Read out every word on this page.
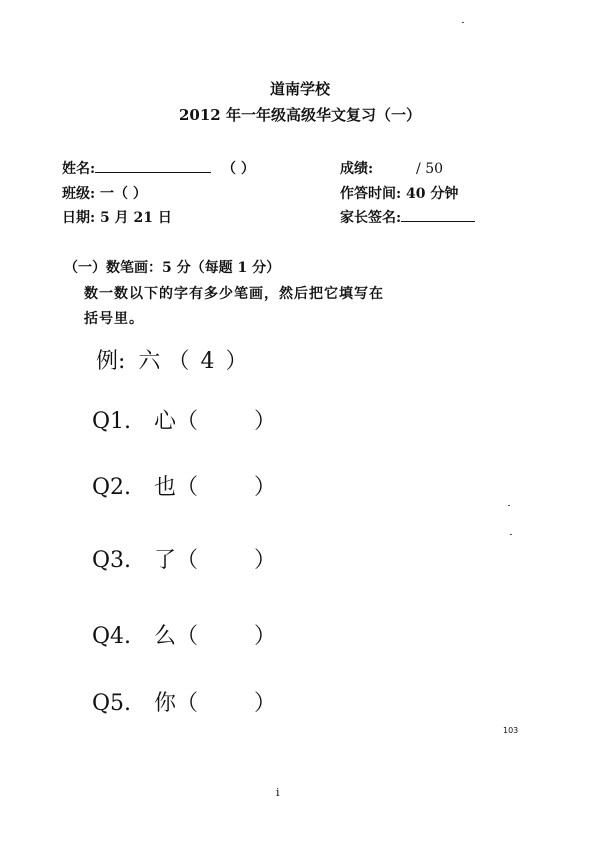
道南学校
2012 年一年级高级华文复习（一）
姓名:	（ ）	成绩:	/ 50
班级: 一（ ）	作答时间: 40 分钟
日期: 5 月 21 日	家长签名:
（一）数笔画：5 分（每题 1 分）
数一数以下的字有多少笔画，然后把它填写在
括号里。
例: 六 （ 4 ）
Q1. 心（	）
Q2. 也（	）
Q3. 了（	）
Q4. 么（	）
Q5. 你（	）
103
i
